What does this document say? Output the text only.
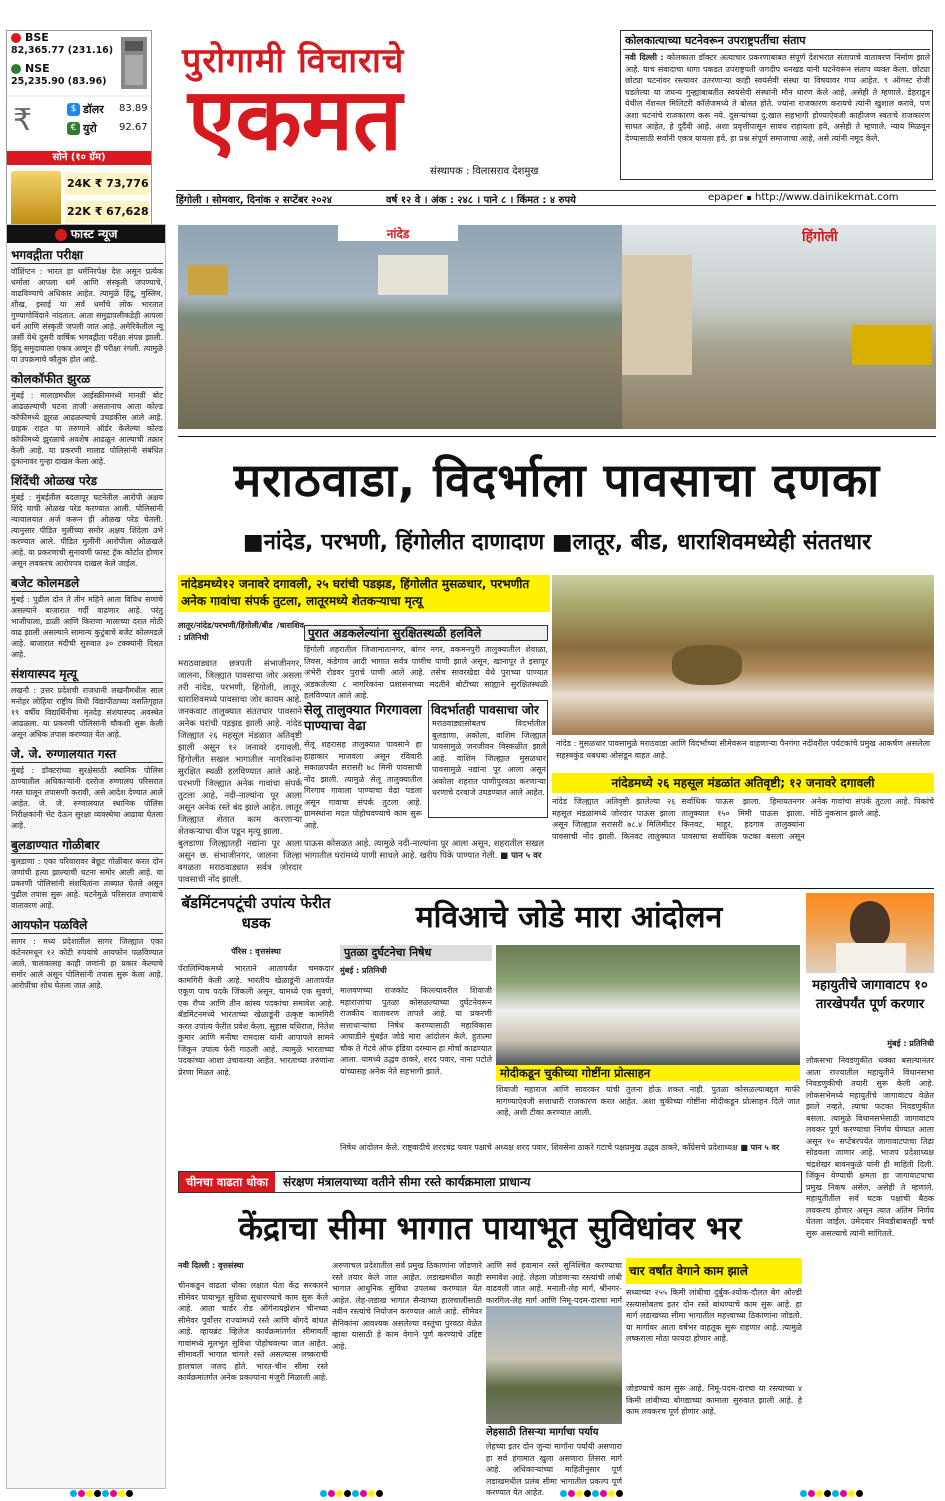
BSE
82,365.77 (231.16)
NSE
25,235.90 (83.96)
₹	$ डॉलर 83.89
€ युरो 92.67
सोने (१० ग्रॅम)
24K ₹ 73,776
22K ₹ 67,628
पुरोगामी विचाराचे
एकमत
संस्थापक : विलासराव देशमुख
कोलकात्याच्या घटनेवरून उपराष्ट्रपतींचा संताप
नवी दिल्ली : कोलकाता डॉक्टर अत्याचार प्रकरणाबाबत संपूर्ण देशभरात संतापाचे वातावरण निर्माण झाले आहे. याच संवादाचा धागा पकडत उपराष्ट्रपती जगदीप धनखड यांनी घटनेवरून संताप व्यक्त केला. छोट्या छोट्या घटनांवर रस्त्यावर उतरणाऱ्या काही स्वयंसेवी संस्था या विषयावर गप्प आहेत. ९ ऑगस्ट रोजी घडलेल्या या जघन्य गुन्ह्याबाबतीत स्वयंसेवी संस्थांनी मौन धारण केले आहे, असेही ते म्हणाले. डेहराडून येथील नॅशनल मिलिटरी कॉलेजमध्ये ते बोलत होते. ज्यांना राजकारण करायचे त्यांनी खुशाल करावे, पण अशा घटनांचे राजकारण करू नये. दुसऱ्यांच्या दु:खात सहभागी होण्याऐवजी काहीजण स्वतःचे राजकारण साधत आहेत, हे दुर्दैवी आहे. अशा प्रवृत्तींपासून सावध राहायला हवे, असेही ते म्हणाले. न्याय मिळवून देण्यासाठी सर्वांनी एकत्र यायला हवे. हा प्रश्न संपूर्ण समाजाचा आहे, असे त्यांनी नमूद केले.
हिंगोली । सोमवार, दिनांक २ सप्टेंबर २०२४	वर्ष १२ वे । अंक : २४८ । पाने ८ । किंमत : ४ रुपये	epaper ▪ http://www.dainikekmat.com
फास्ट न्यूज
भगवद्गीता परीक्षा
वॉशिंग्टन : भारत हा धर्मनिरपेक्ष देश असून प्रत्येक धर्माला आपला धर्म आणि संस्कृती जपण्याचे, वाढविण्याचे अधिकार आहेत. त्यामुळे हिंदू, मुस्लिम, शीख, इसाई या सर्व धर्मांचे लोक भारतात गुण्यागोविंदाने नांदतात. आता समुद्रापलीकडेही आपला धर्म आणि संस्कृती जपली जात आहे. अमेरिकेतील न्यू जर्सी येथे दुसरी वार्षिक भगवद्गीता परीक्षा संपन्न झाली. हिंदू समुदायाला एकत्र आणून ही परीक्षा रंगली. त्यामुळे या उपक्रमाचे कौतुक होत आहे.
कोलकॉफीत झुरळ
मुंबई : मालाडमधील आईस्क्रीममध्ये मानवी बोट आढळल्याची घटना ताजी असतानाच आता कोल्ड कॉफीमध्ये झुरळ आढळल्याचे उघडकीस आले आहे. ग्राहक राहत या तरुणाने ऑर्डर केलेल्या कोल्ड कॉफीमध्ये झुरळाचे अवशेष आढळून आल्याची तक्रार केली आहे. या प्रकरणी मालाड पोलिसांनी संबंधित दुकानावर गुन्हा दाखल केला आहे.
शिंदेंची ओळख परेड
मुंबई : मुंबईतील बदलापूर घटनेतील आरोपी अक्षय शिंदे याची ओळख परेड करण्यात आली. पोलिसांनी न्यायालयात अर्ज करून ही ओळख परेड घेतली. त्यानुसार पीडित मुलींच्या समोर अक्षय शिंदेला उभे करण्यात आले. पीडित मुलींनी आरोपीला ओळखले आहे. या प्रकरणाची सुनावणी फास्ट ट्रॅक कोर्टात होणार असून लवकरच आरोपपत्र दाखल केले जाईल.
बजेट कोलमडले
मुंबई : पुढील दोन ते तीन महिने आता विविध सणांचे असल्याने बाजारात गर्दी वाढणार आहे. परंतु भाजीपाला, डाळी आणि किराणा मालाच्या दरात मोठी वाढ झाली असल्याने सामान्य कुटुंबाचे बजेट कोलमडले आहे. बाजारात मंदीची सुरुवात ३० टक्क्यांनी दिसत आहे.
संशयास्पद मृत्यू
लखनौ : उत्तर प्रदेशची राजधानी लखनौमधील साल मनोहर लोहिया राष्ट्रीय विधी विद्यापीठाच्या वसतिगृहात १९ वर्षीय विद्यार्थिनीचा मृतदेह संशयास्पद अवस्थेत आढळला. या प्रकरणी पोलिसांनी चौकशी सुरू केली असून अधिक तपास करण्यात येत आहे.
जे. जे. रुग्णालयात गस्त
मुंबई : डॉक्टरांच्या सुरक्षेसाठी स्थानिक पोलिस ठाण्यातील अधिकाऱ्यांनी दररोज रुग्णालय परिसरात गस्त घालून तपासणी करावी, असे आदेश देण्यात आले आहेत. जे. जे. रुग्णालयात स्थानिक पोलिस निरीक्षकांनी भेट देऊन सुरक्षा व्यवस्थेचा आढावा घेतला आहे.
बुलडाण्यात गोळीबार
बुलडाणा : एका परिवारावर बेछूट गोळीबार करत दोन जणांची हत्या झाल्याची घटना समोर आली आहे. या प्रकरणी पोलिसांनी संशयितांना ताब्यात घेतले असून पुढील तपास सुरू आहे. घटनेमुळे परिसरात तणावाचे वातावरण आहे.
आयफोन पळविले
सागर : मध्य प्रदेशातील सागर जिल्ह्यात एका कंटेनरमधून १२ कोटी रुपयांचे आयफोन पळविण्यात आले. चालकासह काही जणांनी हा प्रकार केल्याचे समोर आले असून पोलिसांनी तपास सुरू केला आहे. आरोपींचा शोध घेतला जात आहे.
नांदेड	हिंगोली
मराठवाडा, विदर्भाला पावसाचा दणका
■नांदेड, परभणी, हिंगोलीत दाणादाण ■लातूर, बीड, धाराशिवमध्येही संततधार
नांदेडमध्ये१२ जनावरे दगावली, २५ घरांची पडझड, हिंगोलीत मुसळधार, परभणीत अनेक गावांचा संपर्क तुटला, लातूरमध्ये शेतकऱ्याचा मृत्यू
लातूर/नांदेड/परभणी/हिंगोली/बीड /धाराशिव : प्रतिनिधी
मराठवाड्यात छत्रपती संभाजीनगर, जालना, जिल्ह्यात पावसाचा जोर असला तरी नांदेड, परभणी, हिंगोली, लातूर, धाराशिवमध्ये पावसाचा जोर कायम आहे. जनकवाट तालुक्यात संततधार पावसाने अनेक घरांची पडझड झाली आहे. नांदेड जिल्ह्यात २६ महसूल मंडळात अतिवृष्टी झाली असून १२ जनावरे दगावली. हिंगोलीत सखल भागातील नागरिकांना सुरक्षित स्थळी हलविण्यात आले आहे. परभणी जिल्ह्यात अनेक गावांचा संपर्क तुटला आहे, नदी-नाल्यांना पूर आला असून अनेक रस्ते बंद झाले आहेत. लातूर जिल्ह्यात शेतात काम करणाऱ्या शेतकऱ्याचा वीज पडून मृत्यू झाला.
बुलडाणा जिल्ह्यातही नद्यांना पूर आला असून छ. संभाजीनगर, जालना जिल्हा वगळता मराठवाड्यात सर्वत्र जोरदार पावसाची नोंद झाली.
पुरात अडकलेल्यांना सुरक्षितस्थळी हलविले
हिंगोली शहरातील जिजामातानगर, बांगर नगर, वकमनपुरी तालुक्यातील शेवाळा, तिवस, कंडेगाव आदी भागात सर्वत्र पाणीच पाणी झाले असून, खानापूर ते इसापूर अंभेरी रोडवर पुराचे पाणी आले आहे. तसेच सावरखेडा येथे पुराच्या पाण्यात अडकलेल्या ८ नागरिकांना प्रशासनाच्या मदतीने बोटीच्या साह्याने सुरक्षितस्थळी हलविण्यात आले आहे.
सेलू तालुक्यात गिरगावला पाण्याचा वेढा
सेलू शहरासह तालुक्यात पावसाने हा हाहाकार माजवला असून रविवारी सकाळपर्यंत सरासरी ७८ मिमी पावसाची नोंद झाली. त्यामुळे सेलू तालुक्यातील गिरगाव गावाला पाण्याचा वेढा पडला असून गावाचा संपर्क तुटला आहे. ग्रामस्थांना मदत पोहोचवण्याचे काम सुरू आहे.
विदर्भातही पावसाचा जोर
मराठवाड्यासोबतच विदर्भातील बुलडाणा, अकोला, वाशिम जिल्ह्यात पावसामुळे जनजीवन विस्कळीत झाले आहे. वाशिम जिल्ह्यात मुसळधार पावसामुळे नद्यांना पूर आला असून अकोला शहरात पाणीपुरवठा करणाऱ्या धरणाचे दरवाजे उघडण्यात आले आहेत.
पाऊस कोसळत आहे. त्यामुळे नदी-नाल्यांना पूर आला असून, शहरातील सखल भागातील घरांमध्ये पाणी साचले आहे. खरीप पिके पाण्यात गेली. ■ पान ५ वर
नांदेड : मुसळधार पावसामुळे मराठवाडा आणि विदर्भाच्या सीमेवरून वाहणाऱ्या पैनगंगा नदीवरील पर्यटकांचे प्रमुख आकर्षण असलेला सहस्त्रकुंड धबधबा ओसंडून वाहत आहे.
नांदेडमध्ये २६ महसूल मंडळांत अतिवृष्टी; १२ जनावरे दगावली
नांदेड जिल्ह्यात अतिवृष्टी झालेल्या २६ महसूल मंडळांमध्ये जोरदार पाऊस झाला असून जिल्ह्यात सरासरी ७८.४ मिलिमीटर पावसाची नोंद झाली. किनवट तालुक्यात सर्वाधिक पाऊस झाला. हिमायतनगर तालुक्यात १५० मिमी पाऊस झाला. किनवट, माहूर, हदगाव तालुक्यांना पावसाचा सर्वाधिक फटका बसला असून अनेक गावांचा संपर्क तुटला आहे. पिकांचे मोठे नुकसान झाले आहे.
बॅडमिंटनपटूंची उपांत्य फेरीत धडक
पॅरिस : वृत्तसंस्था
पॅरालिम्पिकमध्ये भारताने आतापर्यंत चमकदार कामगिरी केली आहे. भारतीय खेळाडूंनी आतापर्यंत एकूण पाच पदके जिंकली असून, यामध्ये एक सुवर्ण, एक रौप्य आणि तीन कांस्य पदकांचा समावेश आहे. बॅडमिंटनमध्ये भारताच्या खेळाडूंनी उत्कृष्ट कामगिरी करत उपांत्य फेरीत प्रवेश केला. सुहास यथिराज, नितेश कुमार आणि मनीषा रामदास यांनी आपापले सामने जिंकून उपांत्य फेरी गाठली आहे. त्यामुळे भारताच्या पदकांच्या आशा उंचावल्या आहेत. भारताच्या तरुणांना प्रेरणा मिळत आहे.
मविआचे जोडे मारा आंदोलन
पुतळा दुर्घटनेचा निषेध
मुंबई : प्रतिनिधी
मालवणच्या राजकोट किल्ल्यावरील शिवाजी महाराजांचा पुतळा कोसळल्याच्या दुर्घटनेवरून राजकीय वातावरण तापले आहे. या प्रकरणी सत्ताधाऱ्यांचा निषेध करण्यासाठी महाविकास आघाडीने मुंबईत जोडे मारा आंदोलन केले. हुतात्मा चौक ते गेटवे ऑफ इंडिया दरम्यान हा मोर्चा काढण्यात आला. यामध्ये उद्धव ठाकरे, शरद पवार, नाना पटोले यांच्यासह अनेक नेते सहभागी झाले.	मोदीकडून चुकीच्या गोष्टींना प्रोत्साहन
शिवाजी महाराज आणि सावरकर यांची तुलना होऊ शकत नाही. पुतळा कोसळल्याबद्दल माफी मागण्याऐवजी सत्ताधारी राजकारण करत आहेत. अशा चुकीच्या गोष्टींना मोदीकडून प्रोत्साहन दिले जात आहे, अशी टीका करण्यात आली.
निषेध आंदोलन केले. राष्ट्रवादीचे शरदचंद्र पवार पक्षाचे अध्यक्ष शरद पवार, शिवसेना ठाकरे गटाचे पक्षप्रमुख उद्धव ठाकरे, काँग्रेसचे प्रदेशाध्यक्ष ■ पान ५ वर
महायुतीचे जागावाटप १० तारखेपर्यंत पूर्ण करणार
मुंबई : प्रतिनिधी
लोकसभा निवडणुकीत धक्का बसल्यानंतर आता राज्यातील महायुतीने विधानसभा निवडणुकीची तयारी सुरू केली आहे. लोकसभेमध्ये महायुतीचे जागावाटप वेळेत झाले नव्हते, त्याचा फटका निवडणुकीत बसला. त्यामुळे विधानसभेसाठी जागावाटप लवकर पूर्ण करण्याचा निर्णय घेण्यात आला असून १० सप्टेंबरपर्यंत जागावाटपाचा तिढा सोडवला जाणार आहे. भाजप प्रदेशाध्यक्ष चंद्रशेखर बावनकुळे यांनी ही माहिती दिली. जिंकून येण्याची क्षमता हा जागावाटपाचा प्रमुख निकष असेल, असेही ते म्हणाले. महायुतीतील सर्व घटक पक्षांची बैठक लवकरच होणार असून त्यात अंतिम निर्णय घेतला जाईल. उमेदवार निवडीबाबतही चर्चा सुरू असल्याचे त्यांनी सांगितले.
चीनचा वाढता धोका	संरक्षण मंत्रालयाच्या वतीने सीमा रस्ते कार्यक्रमाला प्राधान्य
केंद्राचा सीमा भागात पायाभूत सुविधांवर भर
नवी दिल्ली : वृत्तसंस्था
चीनकडून वाढता धोका लक्षात घेता केंद्र सरकारने सीमेवर पायाभूत सुविधा सुधारण्याचे काम सुरू केले आहे. आता चार्डर रोड ऑर्गनायझेशन चीनच्या सीमेवर पूर्वोत्तर राज्यांमध्ये रस्ते आणि बोगदे बांधत आहे. व्हायब्रंट व्हिलेज कार्यक्रमांतर्गत सीमावर्ती गावांमध्ये मूलभूत सुविधा पोहोचवल्या जात आहेत. सीमावर्ती भागात चांगले रस्ते असल्यास लष्कराची हालचाल जलद होते. भारत-चीन सीमा रस्ते कार्यक्रमांतर्गत अनेक प्रकल्पांना मंजुरी मिळाली आहे.
अरुणाचल प्रदेशातील सर्व प्रमुख ठिकाणांना जोडणारे रस्ते तयार केले जात आहेत. लडाखमधील काही भागात आधुनिक सुविधा उपलब्ध करण्यात येत आहेत. लेह-लडाख भागात सैन्याच्या हालचालीसाठी नवीन रस्त्यांचे नियोजन करण्यात आले आहे. सीमेवर सैनिकांना आवश्यक असलेल्या वस्तूंचा पुरवठा वेळेत व्हावा यासाठी हे काम वेगाने पूर्ण करण्याचे उद्दिष्ट आहे.
आणि सर्व हवामान रस्ते सुनिश्चित करण्याचा समावेश आहे. लेहला जोडणाऱ्या रस्त्यांची लांबी वाढवली जात आहे. मनाली-लेह मार्ग, श्रीनगर-कारगिल-लेह मार्ग आणि निमू-पदम-दारचा मार्ग
चार वर्षांत वेगाने काम झाले
सध्याच्या २५५ किमी लांबीचा दुर्बुक-श्योक-दौलत बेग ओल्डी रस्त्यासोबतच इतर दोन रस्ते बांधण्याचे काम सुरू आहे. हा मार्ग लडाखच्या सीमा भागातील महत्त्वाच्या ठिकाणांना जोडतो. या मार्गावर आता वर्षभर वाहतूक सुरू राहणार आहे. त्यामुळे लष्कराला मोठा फायदा होणार आहे.
जोडण्याचे काम सुरू आहे. निमू-पदम-दारचा या रस्त्याच्या ४ किमी लांबीच्या बोगद्याच्या कामाला सुरुवात झाली आहे. हे काम लवकरच पूर्ण होणार आहे.
लेहसाठी तिसऱ्या मार्गाचा पर्याय
लेहच्या इतर दोन जुन्या मार्गांना पर्यायी असणारा हा सर्व हंगामात खुला असणारा तिसरा मार्ग आहे. अधिकाऱ्यांच्या माहितीनुसार पूर्ण लडाखमधील प्रलंब सीमा भागातील प्रकल्प पूर्ण करण्यात येत आहेत.
